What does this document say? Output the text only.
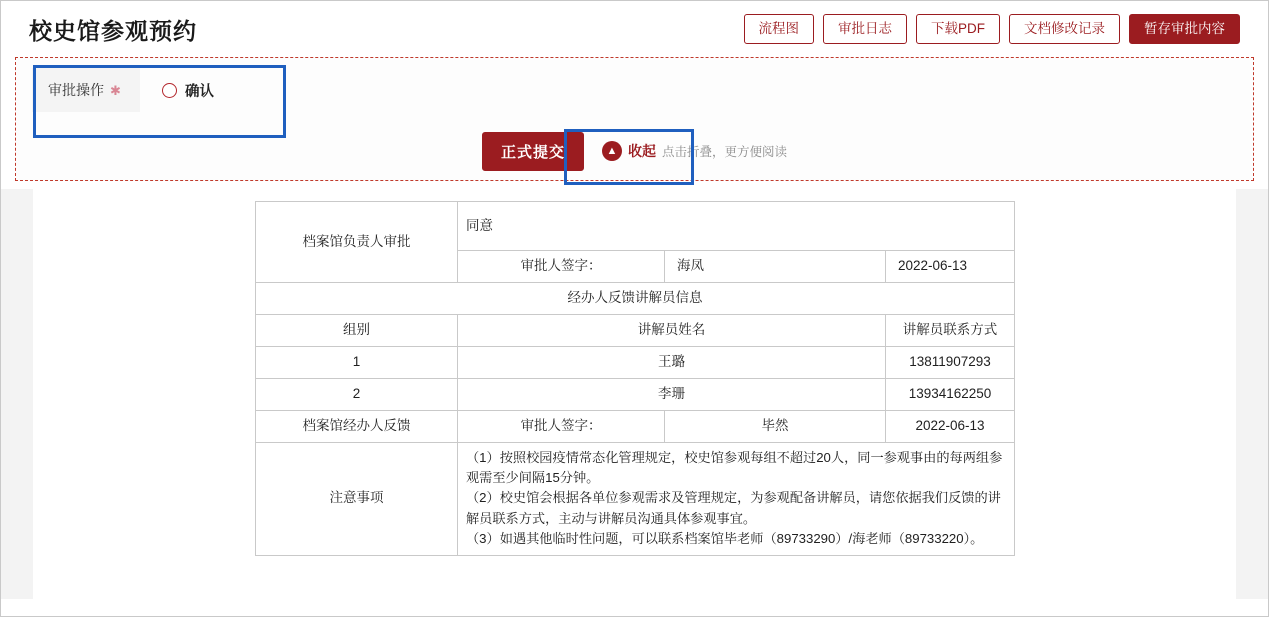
校史馆参观预约	流程图	审批日志	下载PDF	文档修改记录	暂存审批内容
审批操作 ✱	确认
正式提交	▲ 收起 点击折叠，更方便阅读
档案馆负责人审批	同意		
	审批人签字：	海凤	2022-06-13
经办人反馈讲解员信息			
组别	讲解员姓名		讲解员联系方式
1	王璐		13811907293
2	李珊		13934162250
档案馆经办人反馈	审批人签字：	毕然	2022-06-13
注意事项	（1）按照校园疫情常态化管理规定，校史馆参观每组不超过20人，同一参观事由的每两组参观需至少间隔15分钟。

（2）校史馆会根据各单位参观需求及管理规定，为参观配备讲解员，请您依据我们反馈的讲解员联系方式，主动与讲解员沟通具体参观事宜。

（3）如遇其他临时性问题，可以联系档案馆毕老师（89733290）/海老师（89733220）。		
